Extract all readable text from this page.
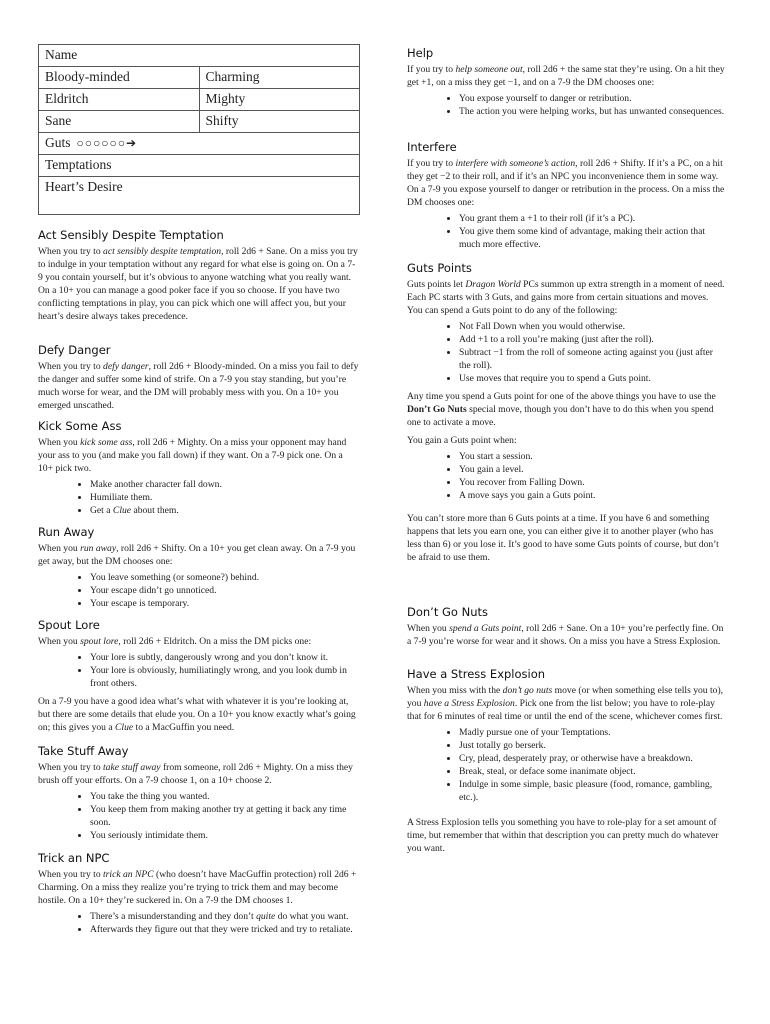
Name	
Bloody-minded	Charming
Eldritch	Mighty
Sane	Shifty
Guts ○○○○○○➔	
Temptations	
Heart’s Desire	
Act Sensibly Despite Temptation

When you try to act sensibly despite temptation, roll 2d6 + Sane. On a miss you try to indulge in your temptation without any regard for what else is going on. On a 7-9 you contain yourself, but it’s obvious to anyone watching what you really want. On a 10+ you can manage a good poker face if you so choose. If you have two conflicting temptations in play, you can pick which one will affect you, but your heart’s desire always takes precedence.

Defy Danger

When you try to defy danger, roll 2d6 + Bloody-minded. On a miss you fail to defy the danger and suffer some kind of strife. On a 7-9 you stay standing, but you’re much worse for wear, and the DM will probably mess with you. On a 10+ you emerged unscathed.

Kick Some Ass

When you kick some ass, roll 2d6 + Mighty. On a miss your opponent may hand your ass to you (and make you fall down) if they want. On a 7-9 pick one. On a 10+ pick two.

• Make another character fall down.
• Humiliate them.
• Get a Clue about them.
Run Away

When you run away, roll 2d6 + Shifty. On a 10+ you get clean away. On a 7-9 you get away, but the DM chooses one:

• You leave something (or someone?) behind.
• Your escape didn’t go unnoticed.
• Your escape is temporary.
Spout Lore

When you spout lore, roll 2d6 + Eldritch. On a miss the DM picks one:

• Your lore is subtly, dangerously wrong and you don’t know it.
• Your lore is obviously, humiliatingly wrong, and you look dumb in front others.

On a 7-9 you have a good idea what’s what with whatever it is you’re looking at, but there are some details that elude you. On a 10+ you know exactly what’s going on; this gives you a Clue to a MacGuffin you need.

Take Stuff Away

When you try to take stuff away from someone, roll 2d6 + Mighty. On a miss they brush off your efforts. On a 7-9 choose 1, on a 10+ choose 2.

• You take the thing you wanted.
• You keep them from making another try at getting it back any time soon.
• You seriously intimidate them.
Trick an NPC

When you try to trick an NPC (who doesn’t have MacGuffin protection) roll 2d6 + Charming. On a miss they realize you’re trying to trick them and may become hostile. On a 10+ they’re suckered in. On a 7-9 the DM chooses 1.

• There’s a misunderstanding and they don’t quite do what you want.
• Afterwards they figure out that they were tricked and try to retaliate.
Help

If you try to help someone out, roll 2d6 + the same stat they’re using. On a hit they get +1, on a miss they get −1, and on a 7-9 the DM chooses one:

• You expose yourself to danger or retribution.
• The action you were helping works, but has unwanted consequences.
Interfere

If you try to interfere with someone’s action, roll 2d6 + Shifty. If it’s a PC, on a hit they get −2 to their roll, and if it’s an NPC you inconvenience them in some way. On a 7-9 you expose yourself to danger or retribution in the process. On a miss the DM chooses one:

• You grant them a +1 to their roll (if it’s a PC).
• You give them some kind of advantage, making their action that much more effective.
Guts Points

Guts points let Dragon World PCs summon up extra strength in a moment of need. Each PC starts with 3 Guts, and gains more from certain situations and moves. You can spend a Guts point to do any of the following:

• Not Fall Down when you would otherwise.
• Add +1 to a roll you’re making (just after the roll).
• Subtract −1 from the roll of someone acting against you (just after the roll).
• Use moves that require you to spend a Guts point.

Any time you spend a Guts point for one of the above things you have to use the Don’t Go Nuts special move, though you don’t have to do this when you spend one to activate a move.

You gain a Guts point when:

• You start a session.
• You gain a level.
• You recover from Falling Down.
• A move says you gain a Guts point.

You can’t store more than 6 Guts points at a time. If you have 6 and something happens that lets you earn one, you can either give it to another player (who has less than 6) or you lose it. It’s good to have some Guts points of course, but don’t be afraid to use them.

Don’t Go Nuts

When you spend a Guts point, roll 2d6 + Sane. On a 10+ you’re perfectly fine. On a 7-9 you’re worse for wear and it shows. On a miss you have a Stress Explosion.

Have a Stress Explosion

When you miss with the don’t go nuts move (or when something else tells you to), you have a Stress Explosion. Pick one from the list below; you have to role-play that for 6 minutes of real time or until the end of the scene, whichever comes first.

• Madly pursue one of your Temptations.
• Just totally go berserk.
• Cry, plead, desperately pray, or otherwise have a breakdown.
• Break, steal, or deface some inanimate object.
• Indulge in some simple, basic pleasure (food, romance, gambling, etc.).

A Stress Explosion tells you something you have to role-play for a set amount of time, but remember that within that description you can pretty much do whatever you want.
